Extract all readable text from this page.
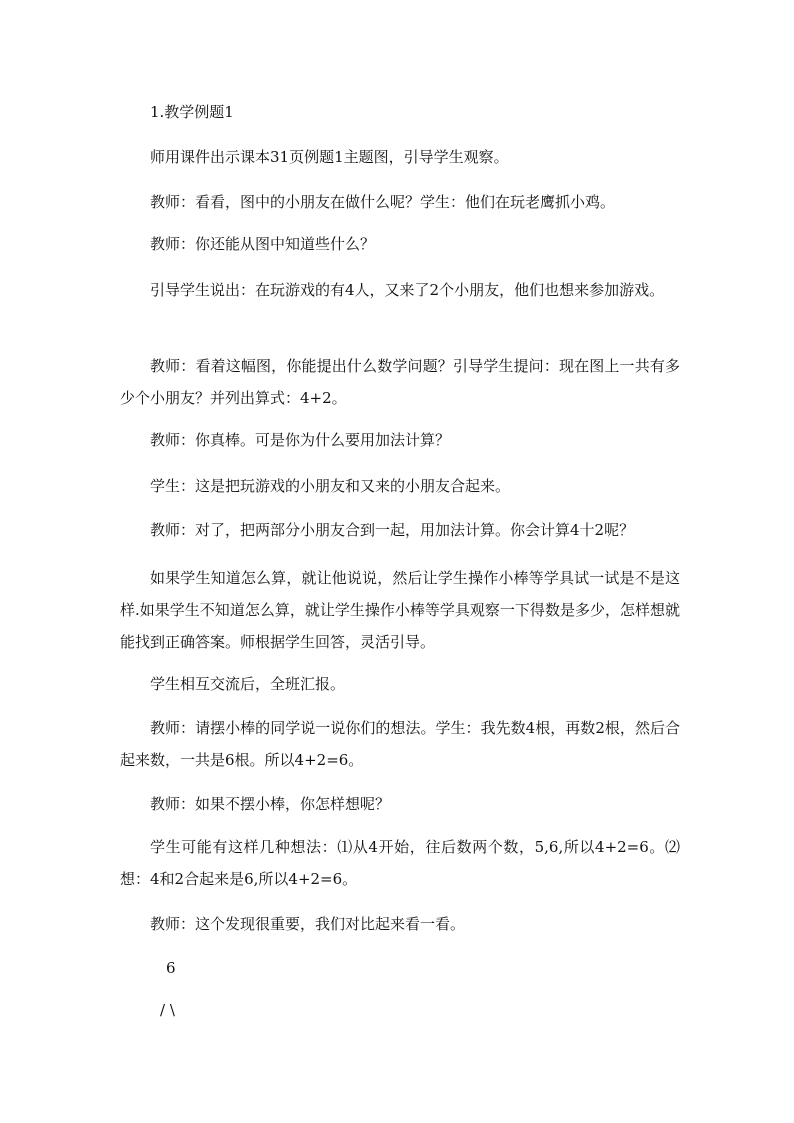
1.教学例题1

师用课件出示课本31页例题1主题图，引导学生观察。

教师：看看，图中的小朋友在做什么呢？学生：他们在玩老鹰抓小鸡。

教师：你还能从图中知道些什么？

引导学生说出：在玩游戏的有4人，又来了2个小朋友，他们也想来参加游戏。

教师：看着这幅图，你能提出什么数学问题？引导学生提问：现在图上一共有多少个小朋友？并列出算式：4+2。

教师：你真棒。可是你为什么要用加法计算？

学生：这是把玩游戏的小朋友和又来的小朋友合起来。

教师：对了，把两部分小朋友合到一起，用加法计算。你会计算4十2呢？

如果学生知道怎么算，就让他说说，然后让学生操作小棒等学具试一试是不是这样.如果学生不知道怎么算，就让学生操作小棒等学具观察一下得数是多少，怎样想就能找到正确答案。师根据学生回答，灵活引导。

学生相互交流后，全班汇报。

教师：请摆小棒的同学说一说你们的想法。学生：我先数4根，再数2根，然后合起来数，一共是6根。所以4+2=6。

教师：如果不摆小棒，你怎样想呢？

学生可能有这样几种想法：⑴从4开始，往后数两个数，5,6,所以4+2=6。⑵想：4和2合起来是6,所以4+2=6。

教师：这个发现很重要，我们对比起来看一看。

6

/ \
